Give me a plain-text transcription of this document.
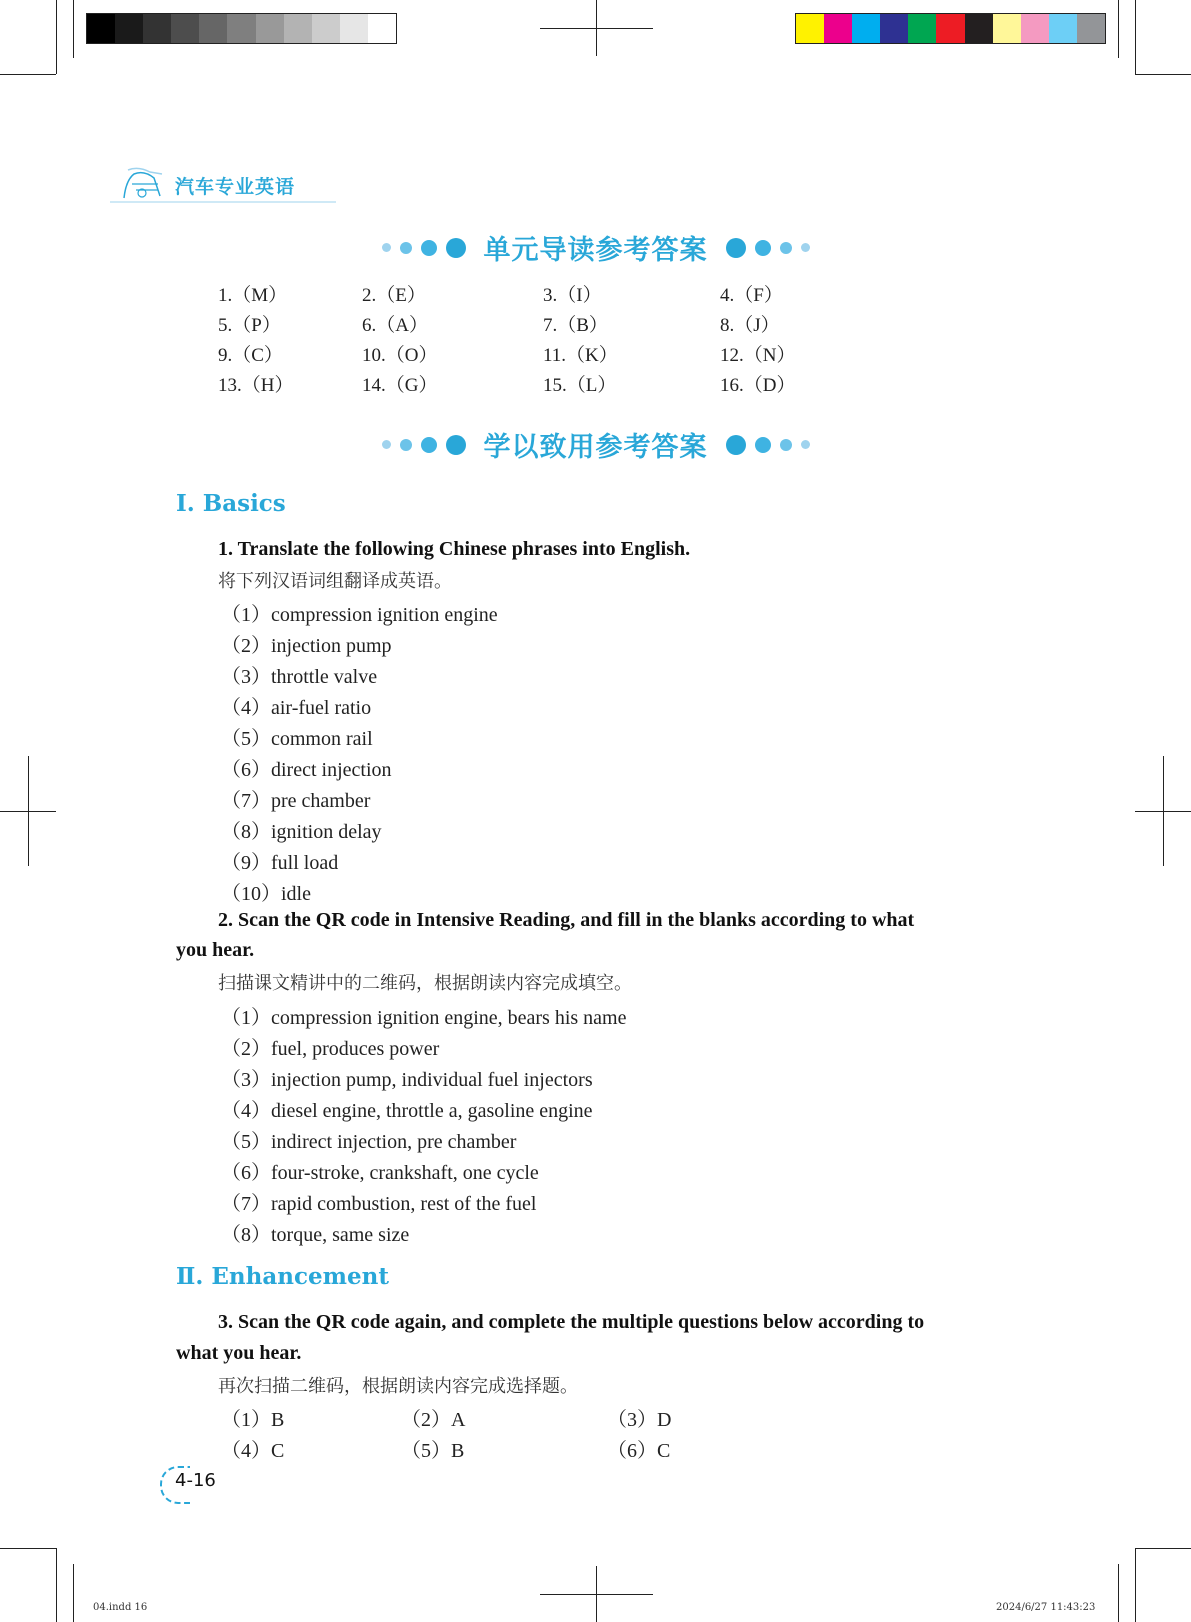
汽车专业英语
单元导读参考答案
1.（M）	2.（E）	3.（I）	4.（F）
5.（P）	6.（A）	7.（B）	8.（J）
9.（C）	10.（O）	11.（K）	12.（N）
13.（H）	14.（G）	15.（L）	16.（D）
学以致用参考答案
Ⅰ. Basics
1. Translate the following Chinese phrases into English.
将下列汉语词组翻译成英语。
（1）compression ignition engine
（2）injection pump
（3）throttle valve
（4）air-fuel ratio
（5）common rail
（6）direct injection
（7）pre chamber
（8）ignition delay
（9）full load
（10）idle
2. Scan the QR code in Intensive Reading, and fill in the blanks according to what
you hear.
扫描课文精讲中的二维码，根据朗读内容完成填空。
（1）compression ignition engine, bears his name
（2）fuel, produces power
（3）injection pump, individual fuel injectors
（4）diesel engine, throttle a, gasoline engine
（5）indirect injection, pre chamber
（6）four-stroke, crankshaft, one cycle
（7）rapid combustion, rest of the fuel
（8）torque, same size
Ⅱ. Enhancement
3. Scan the QR code again, and complete the multiple questions below according to
what you hear.
再次扫描二维码，根据朗读内容完成选择题。
（1）B	（2）A	（3）D
（4）C	（5）B	（6）C
4-16
04.indd 16	2024/6/27 11:43:23
